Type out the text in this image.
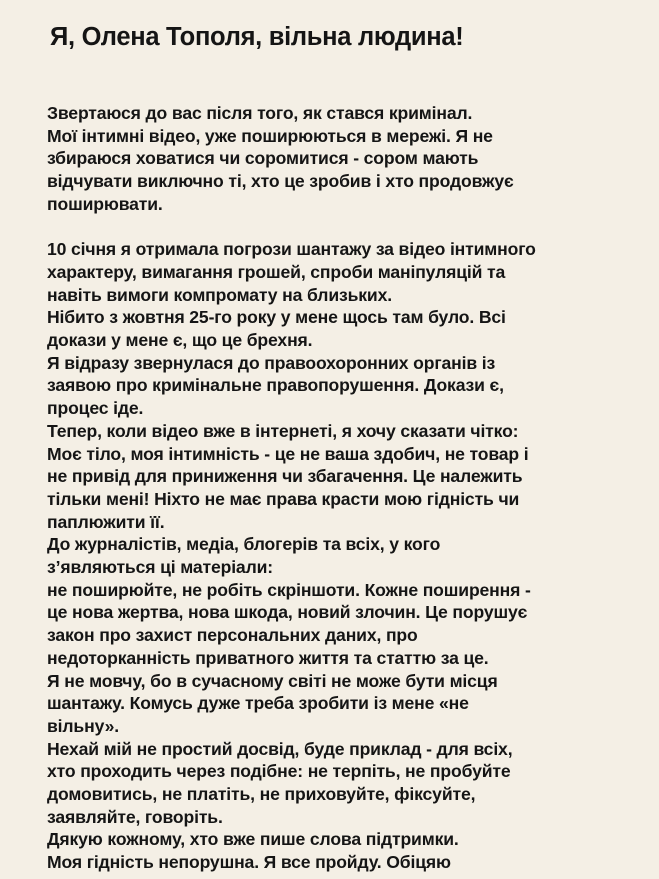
Я, Олена Тополя, вільна людина!
Звертаюся до вас після того, як стався кримінал.
Мої інтимні відео, уже поширюються в мережі. Я не
збираюся ховатися чи соромитися - сором мають
відчувати виключно ті, хто це зробив і хто продовжує
поширювати.
10 січня я отримала погрози шантажу за відео інтимного
характеру, вимагання грошей, спроби маніпуляцій та
навіть вимоги компромату на близьких.
Нібито з жовтня 25-го року у мене щось там було. Всі
докази у мене є, що це брехня.
Я відразу звернулася до правоохоронних органів із
заявою про кримінальне правопорушення. Докази є,
процес іде.
Тепер, коли відео вже в інтернеті, я хочу сказати чітко:
Моє тіло, моя інтимність - це не ваша здобич, не товар і
не привід для приниження чи збагачення. Це належить
тільки мені! Ніхто не має права красти мою гідність чи
паплюжити її.
До журналістів, медіа, блогерів та всіх, у кого
з’являються ці матеріали:
не поширюйте, не робіть скріншоти. Кожне поширення -
це нова жертва, нова шкода, новий злочин. Це порушує
закон про захист персональних даних, про
недоторканність приватного життя та статтю за це.
Я не мовчу, бо в сучасному світі не може бути місця
шантажу. Комусь дуже треба зробити із мене «не
вільну».
Нехай мій не простий досвід, буде приклад - для всіх,
хто проходить через подібне: не терпіть, не пробуйте
домовитись, не платіть, не приховуйте, фіксуйте,
заявляйте, говоріть.
Дякую кожному, хто вже пише слова підтримки.
Моя гідність непорушна. Я все пройду. Обіцяю
